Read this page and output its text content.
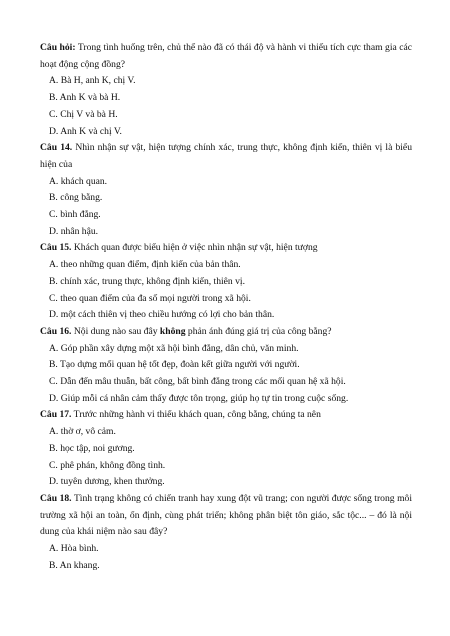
Câu hỏi: Trong tình huống trên, chủ thể nào đã có thái độ và hành vi thiếu tích cực tham gia các hoạt động cộng đồng?
A. Bà H, anh K, chị V.
B. Anh K và bà H.
C. Chị V và bà H.
D. Anh K và chị V.
Câu 14. Nhìn nhận sự vật, hiện tượng chính xác, trung thực, không định kiến, thiên vị là biểu hiện của
A. khách quan.
B. công bằng.
C. bình đẳng.
D. nhân hậu.
Câu 15. Khách quan được biểu hiện ở việc nhìn nhận sự vật, hiện tượng
A. theo những quan điểm, định kiến của bản thân.
B. chính xác, trung thực, không định kiến, thiên vị.
C. theo quan điểm của đa số mọi người trong xã hội.
D. một cách thiên vị theo chiều hướng có lợi cho bản thân.
Câu 16. Nội dung nào sau đây không phản ánh đúng giá trị của công bằng?
A. Góp phần xây dựng một xã hội bình đẳng, dân chủ, văn minh.
B. Tạo dựng mối quan hệ tốt đẹp, đoàn kết giữa người với người.
C. Dẫn đến mâu thuẫn, bất công, bất bình đẳng trong các mối quan hệ xã hội.
D. Giúp mỗi cá nhân cảm thấy được tôn trọng, giúp họ tự tin trong cuộc sống.
Câu 17. Trước những hành vi thiếu khách quan, công bằng, chúng ta nên
A. thờ ơ, vô cảm.
B. học tập, noi gương.
C. phê phán, không đồng tình.
D. tuyên dương, khen thưởng.
Câu 18. Tình trạng không có chiến tranh hay xung đột vũ trang; con người được sống trong môi trường xã hội an toàn, ổn định, cùng phát triển; không phân biệt tôn giáo, sắc tộc... – đó là nội dung của khái niệm nào sau đây?
A. Hòa bình.
B. An khang.
